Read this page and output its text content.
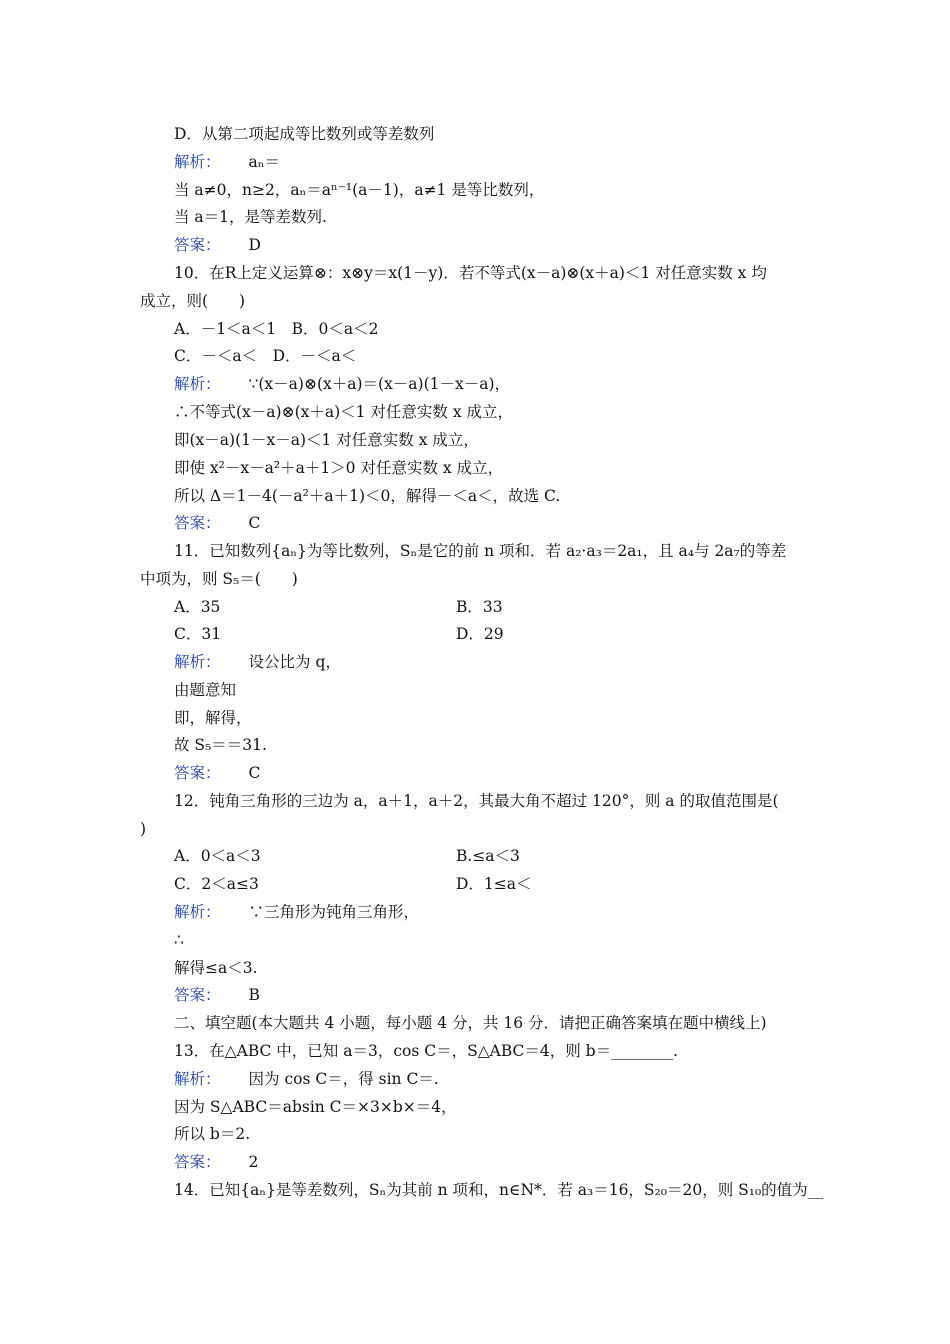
D．从第二项起成等比数列或等差数列
解析： aₙ＝
当 a≠0，n≥2，aₙ＝aⁿ⁻¹(a－1)，a≠1 是等比数列，
当 a＝1，是等差数列.
答案： D
10．在R上定义运算⊗：x⊗y＝x(1－y)．若不等式(x－a)⊗(x＋a)＜1 对任意实数 x 均
成立，则(　　)
A．－1＜a＜1　B．0＜a＜2
C．－＜a＜　D．－＜a＜
解析： ∵(x－a)⊗(x＋a)＝(x－a)(1－x－a)，
∴不等式(x－a)⊗(x＋a)＜1 对任意实数 x 成立，
即(x－a)(1－x－a)＜1 对任意实数 x 成立，
即使 x²－x－a²＋a＋1＞0 对任意实数 x 成立，
所以 Δ＝1－4(－a²＋a＋1)＜0，解得－＜a＜，故选 C.
答案： C
11．已知数列{aₙ}为等比数列，Sₙ是它的前 n 项和．若 a₂·a₃＝2a₁，且 a₄与 2a₇的等差
中项为，则 S₅＝(　　)
A．35	B．33
C．31	D．29
解析： 设公比为 q，
由题意知
即，解得，
故 S₅＝＝31.
答案： C
12．钝角三角形的三边为 a，a＋1，a＋2，其最大角不超过 120°，则 a 的取值范围是(
)
A．0＜a＜3	B.≤a＜3
C．2＜a≤3	D．1≤a＜
解析： ∵三角形为钝角三角形，
∴
解得≤a＜3.
答案： B
二、填空题(本大题共 4 小题，每小题 4 分，共 16 分．请把正确答案填在题中横线上)
13．在△ABC 中，已知 a＝3，cos C＝，S△ABC＝4，则 b＝________.
解析： 因为 cos C＝，得 sin C＝.
因为 S△ABC＝absin C＝×3×b×＝4，
所以 b＝2.
答案： 2
14．已知{aₙ}是等差数列，Sₙ为其前 n 项和，n∈N*．若 a₃＝16，S₂₀＝20，则 S₁₀的值为__
